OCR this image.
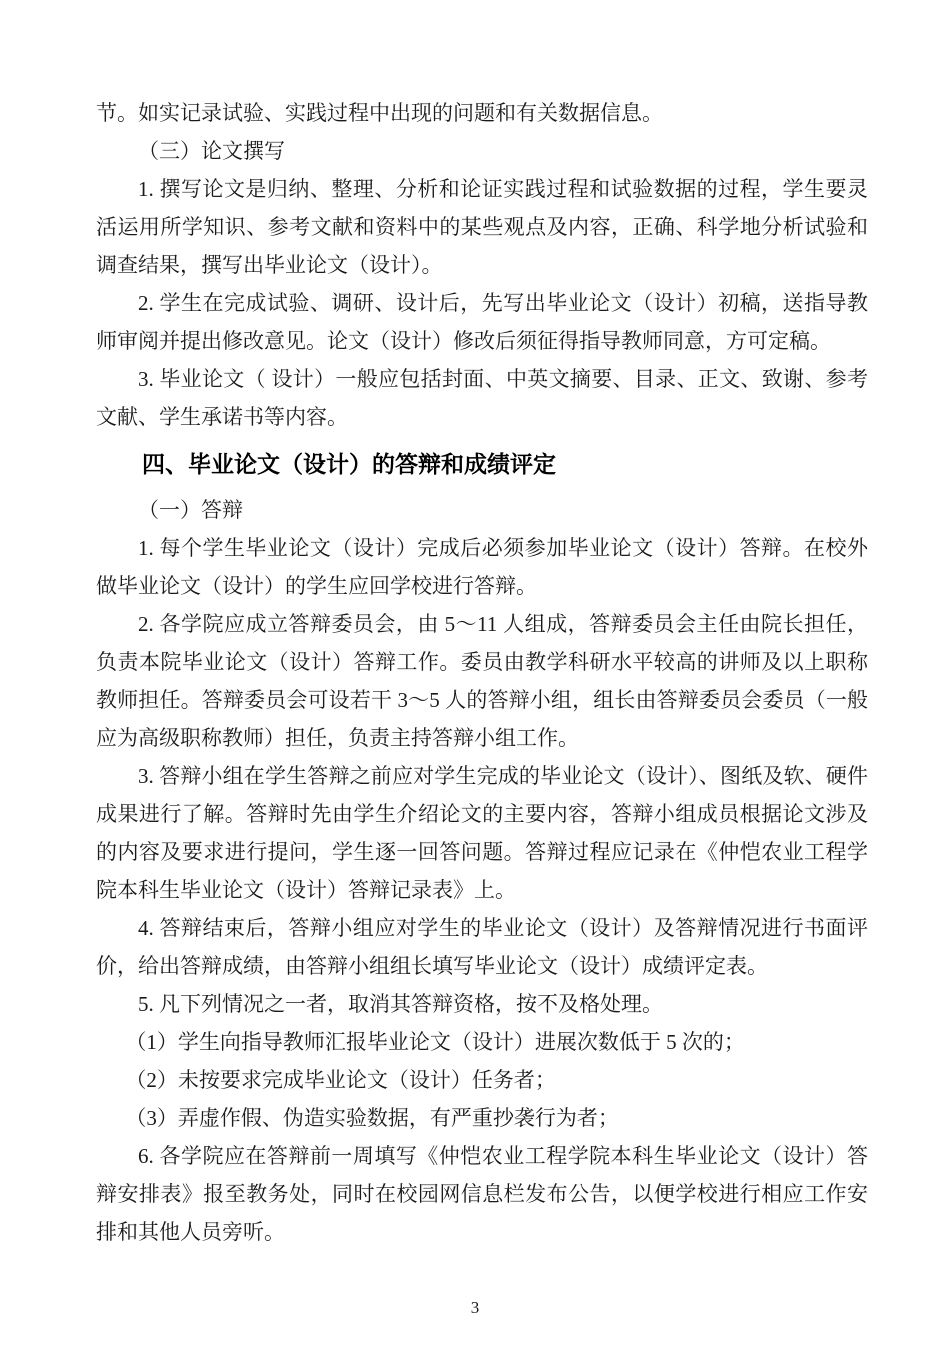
节。如实记录试验、实践过程中出现的问题和有关数据信息。

（三）论文撰写

1. 撰写论文是归纳、整理、分析和论证实践过程和试验数据的过程，学生要灵活运用所学知识、参考文献和资料中的某些观点及内容，正确、科学地分析试验和调查结果，撰写出毕业论文（设计）。

2. 学生在完成试验、调研、设计后，先写出毕业论文（设计）初稿，送指导教师审阅并提出修改意见。论文（设计）修改后须征得指导教师同意，方可定稿。

3. 毕业论文（ 设计）一般应包括封面、中英文摘要、目录、正文、致谢、参考文献、学生承诺书等内容。

四、毕业论文（设计）的答辩和成绩评定

（一）答辩

1. 每个学生毕业论文（设计）完成后必须参加毕业论文（设计）答辩。在校外做毕业论文（设计）的学生应回学校进行答辩。

2. 各学院应成立答辩委员会，由 5～11 人组成，答辩委员会主任由院长担任，负责本院毕业论文（设计）答辩工作。委员由教学科研水平较高的讲师及以上职称教师担任。答辩委员会可设若干 3～5 人的答辩小组，组长由答辩委员会委员（一般应为高级职称教师）担任，负责主持答辩小组工作。

3. 答辩小组在学生答辩之前应对学生完成的毕业论文（设计）、图纸及软、硬件成果进行了解。答辩时先由学生介绍论文的主要内容，答辩小组成员根据论文涉及的内容及要求进行提问，学生逐一回答问题。答辩过程应记录在《仲恺农业工程学院本科生毕业论文（设计）答辩记录表》上。

4. 答辩结束后，答辩小组应对学生的毕业论文（设计）及答辩情况进行书面评价，给出答辩成绩，由答辩小组组长填写毕业论文（设计）成绩评定表。

5. 凡下列情况之一者，取消其答辩资格，按不及格处理。

（1）学生向指导教师汇报毕业论文（设计）进展次数低于 5 次的；

（2）未按要求完成毕业论文（设计）任务者；

（3）弄虚作假、伪造实验数据，有严重抄袭行为者；

6. 各学院应在答辩前一周填写《仲恺农业工程学院本科生毕业论文（设计）答辩安排表》报至教务处，同时在校园网信息栏发布公告，以便学校进行相应工作安排和其他人员旁听。

3
